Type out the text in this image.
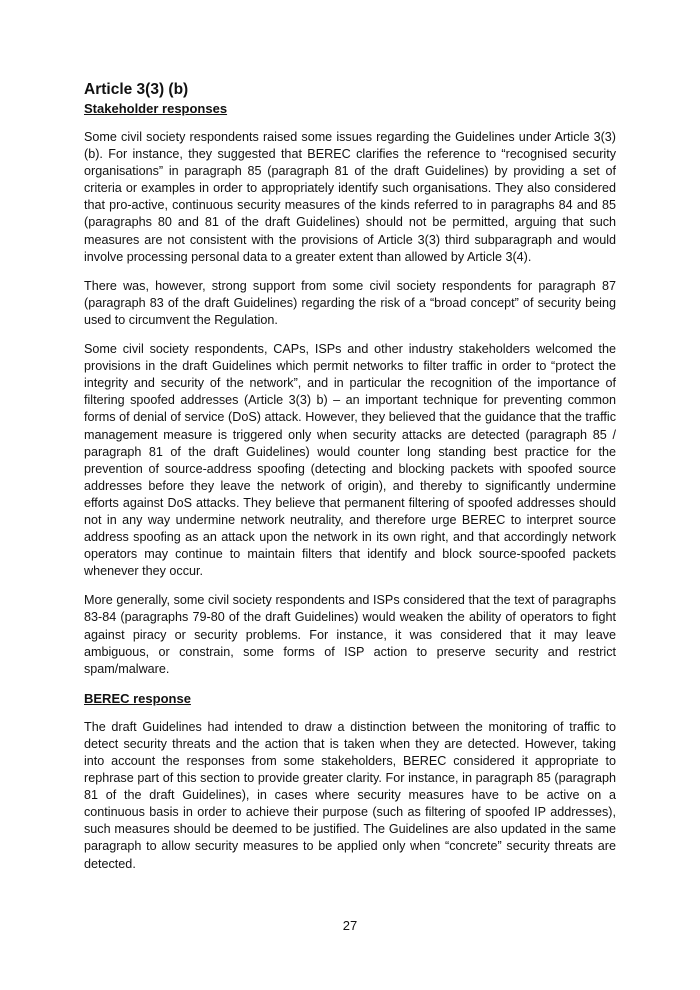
Article 3(3) (b)
Stakeholder responses

Some civil society respondents raised some issues regarding the Guidelines under Article 3(3) (b). For instance, they suggested that BEREC clarifies the reference to “recognised security organisations” in paragraph 85 (paragraph 81 of the draft Guidelines) by providing a set of criteria or examples in order to appropriately identify such organisations. They also considered that pro-active, continuous security measures of the kinds referred to in paragraphs 84 and 85 (paragraphs 80 and 81 of the draft Guidelines) should not be permitted, arguing that such measures are not consistent with the provisions of Article 3(3) third subparagraph and would involve processing personal data to a greater extent than allowed by Article 3(4).

There was, however, strong support from some civil society respondents for paragraph 87 (paragraph 83 of the draft Guidelines) regarding the risk of a “broad concept” of security being used to circumvent the Regulation.

Some civil society respondents, CAPs, ISPs and other industry stakeholders welcomed the provisions in the draft Guidelines which permit networks to filter traffic in order to “protect the integrity and security of the network”, and in particular the recognition of the importance of filtering spoofed addresses (Article 3(3) b) – an important technique for preventing common forms of denial of service (DoS) attack. However, they believed that the guidance that the traffic management measure is triggered only when security attacks are detected (paragraph 85 / paragraph 81 of the draft Guidelines) would counter long standing best practice for the prevention of source-address spoofing (detecting and blocking packets with spoofed source addresses before they leave the network of origin), and thereby to significantly undermine efforts against DoS attacks. They believe that permanent filtering of spoofed addresses should not in any way undermine network neutrality, and therefore urge BEREC to interpret source address spoofing as an attack upon the network in its own right, and that accordingly network operators may continue to maintain filters that identify and block source-spoofed packets whenever they occur.

More generally, some civil society respondents and ISPs considered that the text of paragraphs 83-84 (paragraphs 79-80 of the draft Guidelines) would weaken the ability of operators to fight against piracy or security problems. For instance, it was considered that it may leave ambiguous, or constrain, some forms of ISP action to preserve security and restrict spam/malware.

BEREC response

The draft Guidelines had intended to draw a distinction between the monitoring of traffic to detect security threats and the action that is taken when they are detected. However, taking into account the responses from some stakeholders, BEREC considered it appropriate to rephrase part of this section to provide greater clarity. For instance, in paragraph 85 (paragraph 81 of the draft Guidelines), in cases where security measures have to be active on a continuous basis in order to achieve their purpose (such as filtering of spoofed IP addresses), such measures should be deemed to be justified. The Guidelines are also updated in the same paragraph to allow security measures to be applied only when “concrete” security threats are detected.

27
